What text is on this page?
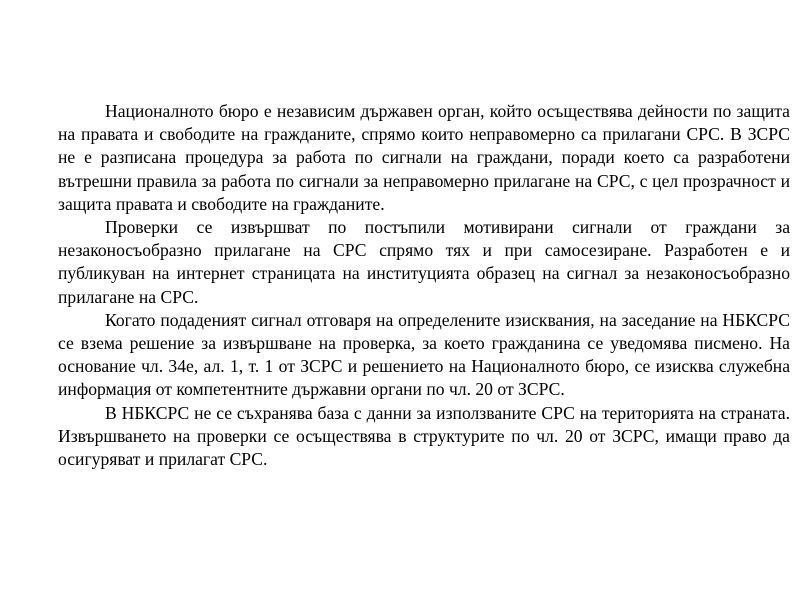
Националното бюро е независим държавен орган, който осъществява дейности по защита на правата и свободите на гражданите, спрямо които неправомерно са прилагани СРС. В ЗСРС не е разписана процедура за работа по сигнали на граждани, поради което са разработени вътрешни правила за работа по сигнали за неправомерно прилагане на СРС, с цел прозрачност и защита правата и свободите на гражданите.

Проверки се извършват по постъпили мотивирани сигнали от граждани за незаконосъобразно прилагане на СРС спрямо тях и при самосезиране. Разработен е и публикуван на интернет страницата на институцията образец на сигнал за незаконосъобразно прилагане на СРС.

Когато подаденият сигнал отговаря на определените изисквания, на заседание на НБКСРС се взема решение за извършване на проверка, за което гражданина се уведомява писмено. На основание чл. 34е, ал. 1, т. 1 от ЗСРС и решението на Националното бюро, се изисква служебна информация от компетентните държавни органи по чл. 20 от ЗСРС.

В НБКСРС не се съхранява база с данни за използваните СРС на територията на страната. Извършването на проверки се осъществява в структурите по чл. 20 от ЗСРС, имащи право да осигуряват и прилагат СРС.
